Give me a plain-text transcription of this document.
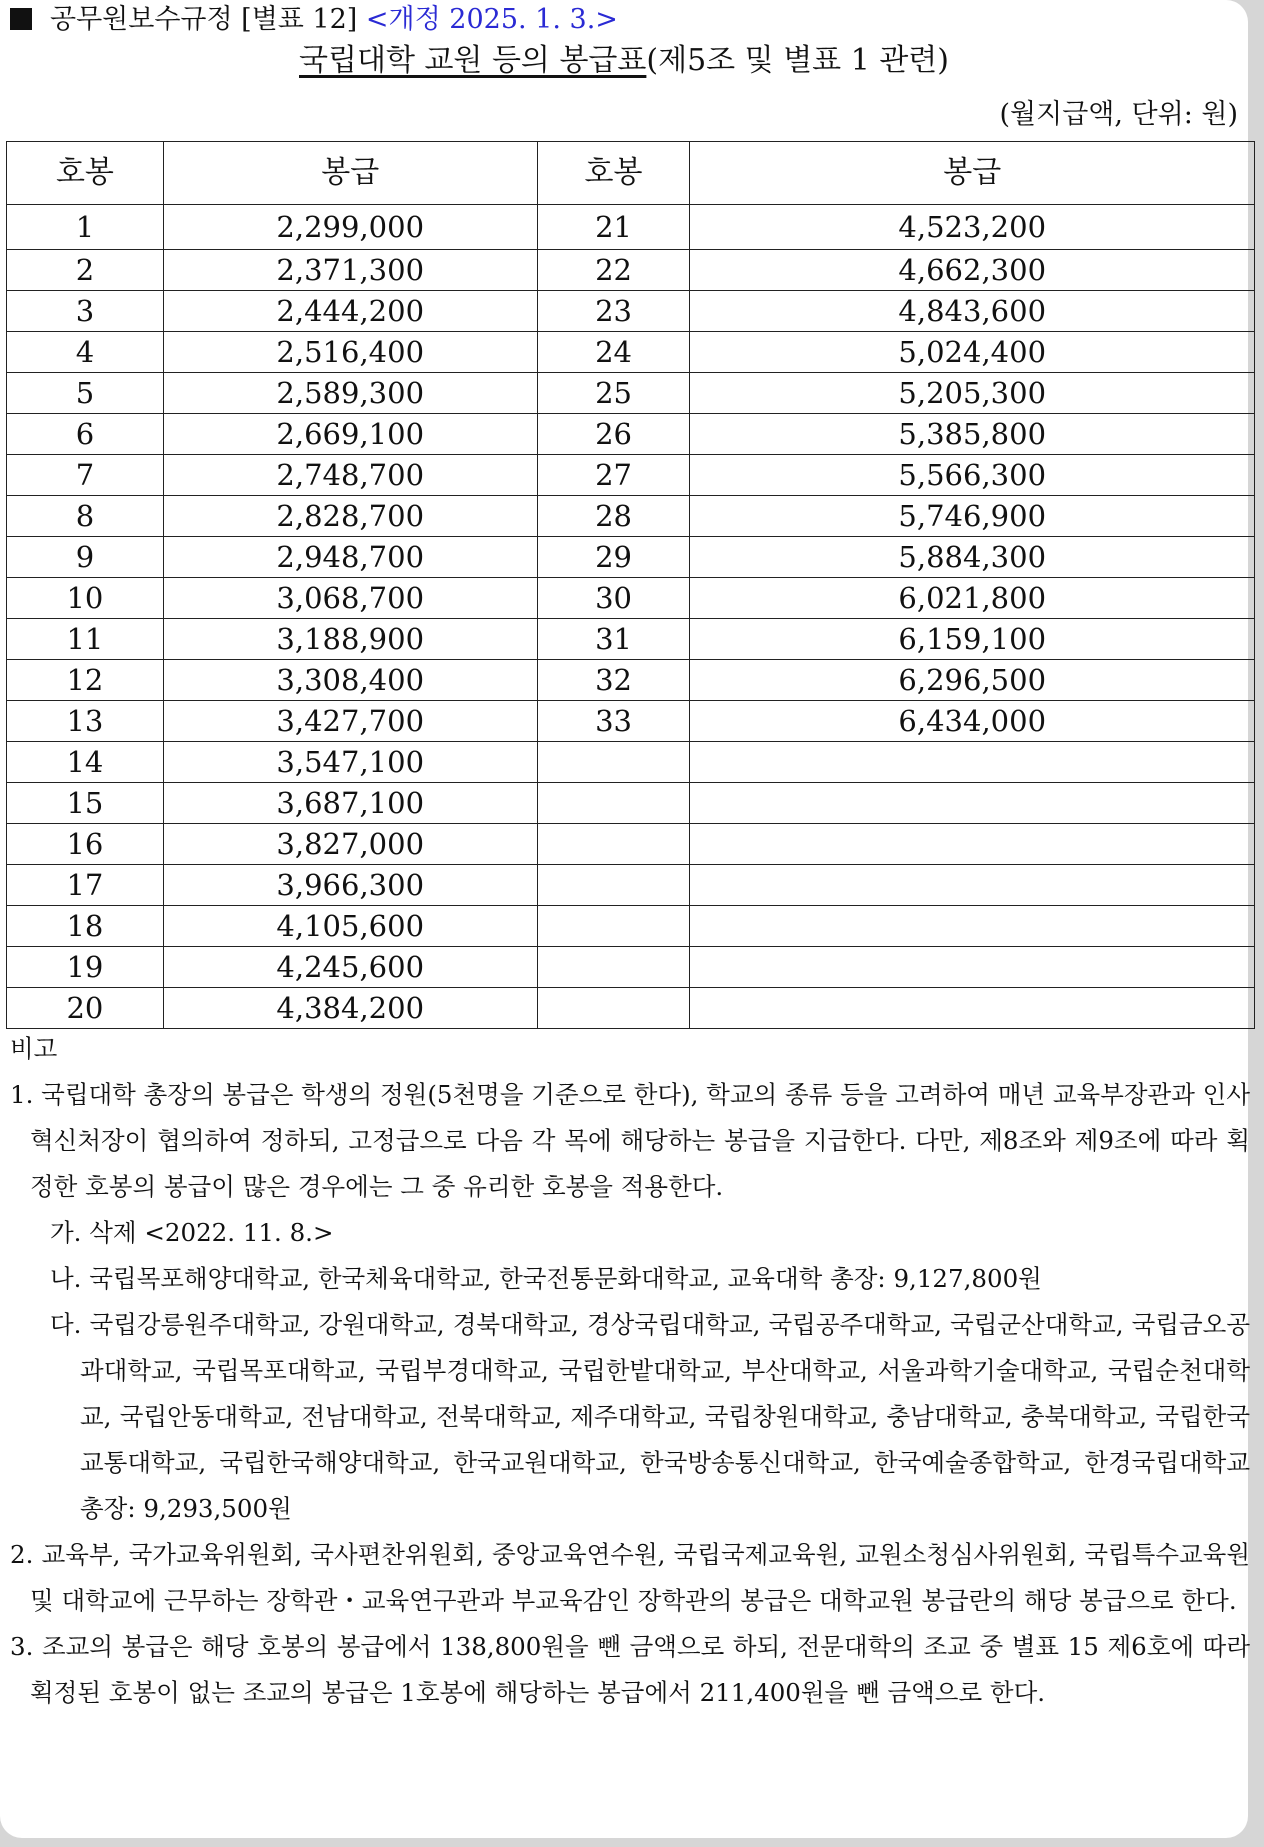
공무원보수규정 [별표 12] <개정 2025. 1. 3.>
국립대학 교원 등의 봉급표(제5조 및 별표 1 관련)
(월지급액, 단위: 원)
호봉	봉급	호봉	봉급
1	2,299,000	21	4,523,200
2	2,371,300	22	4,662,300
3	2,444,200	23	4,843,600
4	2,516,400	24	5,024,400
5	2,589,300	25	5,205,300
6	2,669,100	26	5,385,800
7	2,748,700	27	5,566,300
8	2,828,700	28	5,746,900
9	2,948,700	29	5,884,300
10	3,068,700	30	6,021,800
11	3,188,900	31	6,159,100
12	3,308,400	32	6,296,500
13	3,427,700	33	6,434,000
14	3,547,100		
15	3,687,100		
16	3,827,000		
17	3,966,300		
18	4,105,600		
19	4,245,600		
20	4,384,200		

비고

1. 국립대학 총장의 봉급은 학생의 정원(5천명을 기준으로 한다), 학교의 종류 등을 고려하여 매년 교육부장관과 인사혁신처장이 협의하여 정하되, 고정급으로 다음 각 목에 해당하는 봉급을 지급한다. 다만, 제8조와 제9조에 따라 획정한 호봉의 봉급이 많은 경우에는 그 중 유리한 호봉을 적용한다.

가. 삭제 <2022. 11. 8.>

나. 국립목포해양대학교, 한국체육대학교, 한국전통문화대학교, 교육대학 총장: 9,127,800원

다. 국립강릉원주대학교, 강원대학교, 경북대학교, 경상국립대학교, 국립공주대학교, 국립군산대학교, 국립금오공과대학교, 국립목포대학교, 국립부경대학교, 국립한밭대학교, 부산대학교, 서울과학기술대학교, 국립순천대학교, 국립안동대학교, 전남대학교, 전북대학교, 제주대학교, 국립창원대학교, 충남대학교, 충북대학교, 국립한국교통대학교, 국립한국해양대학교, 한국교원대학교, 한국방송통신대학교, 한국예술종합학교, 한경국립대학교 총장: 9,293,500원

2. 교육부, 국가교육위원회, 국사편찬위원회, 중앙교육연수원, 국립국제교육원, 교원소청심사위원회, 국립특수교육원 및 대학교에 근무하는 장학관・교육연구관과 부교육감인 장학관의 봉급은 대학교원 봉급란의 해당 봉급으로 한다.

3. 조교의 봉급은 해당 호봉의 봉급에서 138,800원을 뺀 금액으로 하되, 전문대학의 조교 중 별표 15 제6호에 따라 획정된 호봉이 없는 조교의 봉급은 1호봉에 해당하는 봉급에서 211,400원을 뺀 금액으로 한다.
